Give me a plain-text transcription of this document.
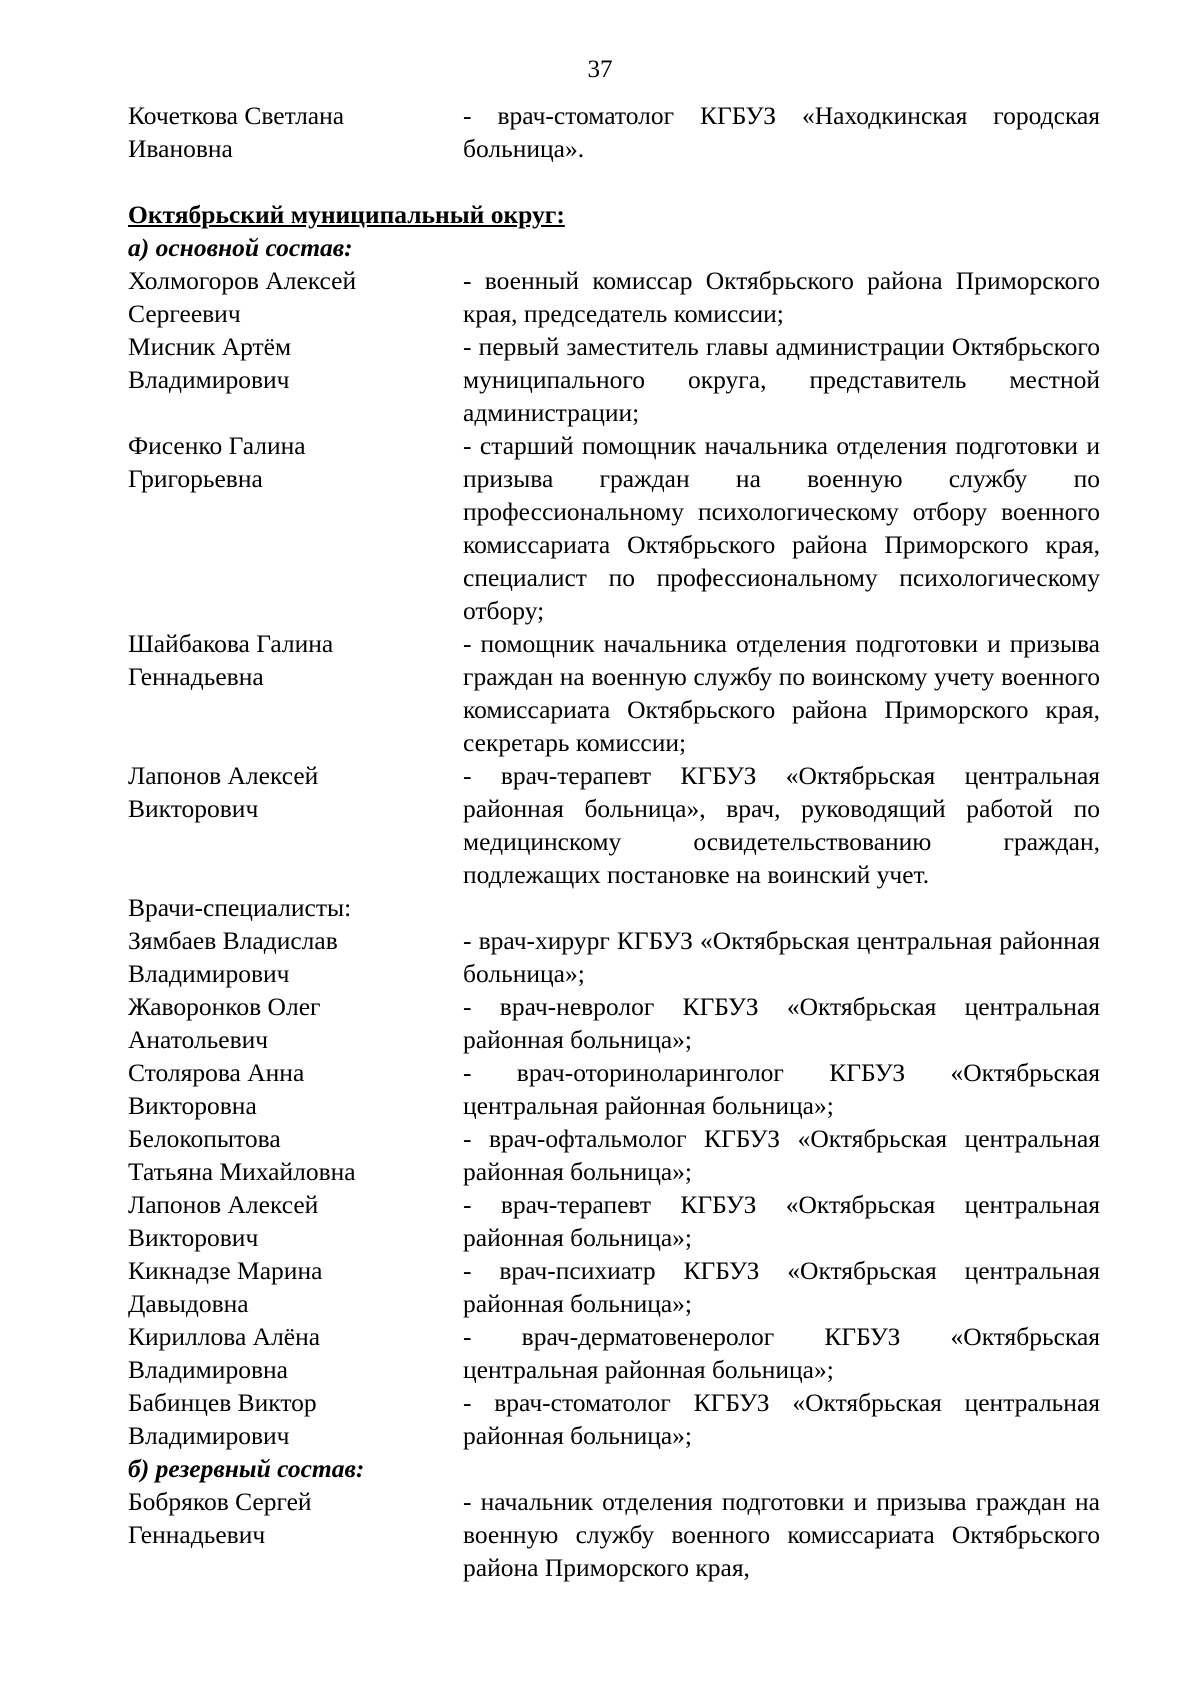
37
Кочеткова Светлана Ивановна
- врач-стоматолог КГБУЗ «Находкинская городская больница».
Октябрьский муниципальный округ:
а) основной состав:
Холмогоров Алексей Сергеевич
- военный комиссар Октябрьского района Приморского края, председатель комиссии;
Мисник Артём Владимирович
- первый заместитель главы администрации Октябрьского муниципального округа, представитель местной администрации;
Фисенко Галина Григорьевна
- старший помощник начальника отделения подготовки и призыва граждан на военную службу по профессиональному психологическому отбору военного комиссариата Октябрьского района Приморского края, специалист по профессиональному психологическому отбору;
Шайбакова Галина Геннадьевна
- помощник начальника отделения подготовки и призыва граждан на военную службу по воинскому учету военного комиссариата Октябрьского района Приморского края, секретарь комиссии;
Лапонов Алексей Викторович
- врач-терапевт КГБУЗ «Октябрьская центральная районная больница», врач, руководящий работой по медицинскому освидетельствованию граждан, подлежащих постановке на воинский учет.
Врачи-специалисты:
Зямбаев Владислав Владимирович
- врач-хирург КГБУЗ «Октябрьская центральная районная больница»;
Жаворонков Олег Анатольевич
- врач-невролог КГБУЗ «Октябрьская центральная районная больница»;
Столярова Анна Викторовна
- врач-оториноларинголог КГБУЗ «Октябрьская центральная районная больница»;
Белокопытова Татьяна Михайловна
- врач-офтальмолог КГБУЗ «Октябрьская центральная районная больница»;
Лапонов Алексей Викторович
- врач-терапевт КГБУЗ «Октябрьская центральная районная больница»;
Кикнадзе Марина Давыдовна
- врач-психиатр КГБУЗ «Октябрьская центральная районная больница»;
Кириллова Алёна Владимировна
- врач-дерматовенеролог КГБУЗ «Октябрьская центральная районная больница»;
Бабинцев Виктор Владимирович
- врач-стоматолог КГБУЗ «Октябрьская центральная районная больница»;
б) резервный состав:
Бобряков Сергей Геннадьевич
- начальник отделения подготовки и призыва граждан на военную службу военного комиссариата Октябрьского района Приморского края,
